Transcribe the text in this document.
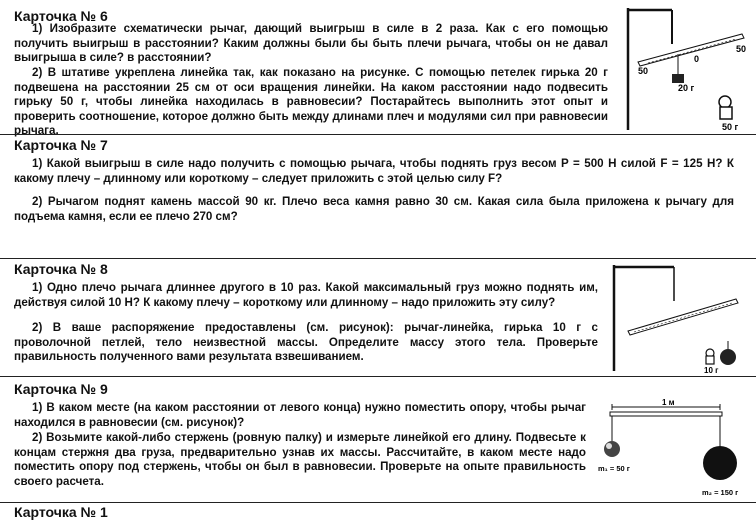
Карточка № 6
1) Изобразите схематически рычаг, дающий выигрыш в силе в 2 раза. Как с его помощью получить выигрыш в расстоянии? Каким должны были бы быть плечи рычага, чтобы он не давал выигрыша в силе? в расстоянии?
2) В штативе укреплена линейка так, как показано на рисунке. С помощью петелек гирька 20 г подвешена на расстоянии 25 см от оси вращения линейки. На каком расстоянии надо подвесить гирьку 50 г, чтобы линейка находилась в равновесии? Постарайтесь выполнить этот опыт и проверить соотношение, которое должно быть между длинами плеч и модулями сил при равновесии рычага.
50
0
50
20 г
50 г
Карточка № 7
1) Какой выигрыш в силе надо получить с помощью рычага, чтобы поднять груз весом P = 500 Н силой F = 125 Н? К какому плечу – длинному или короткому – следует приложить с этой целью силу F?
2) Рычагом поднят камень массой 90 кг. Плечо веса камня равно 30 см. Какая сила была приложена к рычагу для подъема камня, если ее плечо 270 см?
Карточка № 8
1) Одно плечо рычага длиннее другого в 10 раз. Какой максимальный груз можно поднять им, действуя силой 10 Н? К какому плечу – короткому или длинному – надо приложить эту силу?
2) В ваше распоряжение предоставлены (см. рисунок): рычаг-линейка, гирька 10 г с проволочной петлей, тело неизвестной массы. Определите массу этого тела. Проверьте правильность полученного вами результата взвешиванием.
10 г
Карточка № 9
1) В каком месте (на каком расстоянии от левого конца) нужно поместить опору, чтобы рычаг находился в равновесии (см. рисунок)?
2) Возьмите какой-либо стержень (ровную палку) и измерьте линейкой его длину. Подвесьте к концам стержня два груза, предварительно узнав их массы. Рассчитайте, в каком месте надо поместить опору под стержень, чтобы он был в равновесии. Проверьте на опыте правильность своего расчета.
1 м
m₁ = 50 г
m₂ = 150 г
Карточка № 1
